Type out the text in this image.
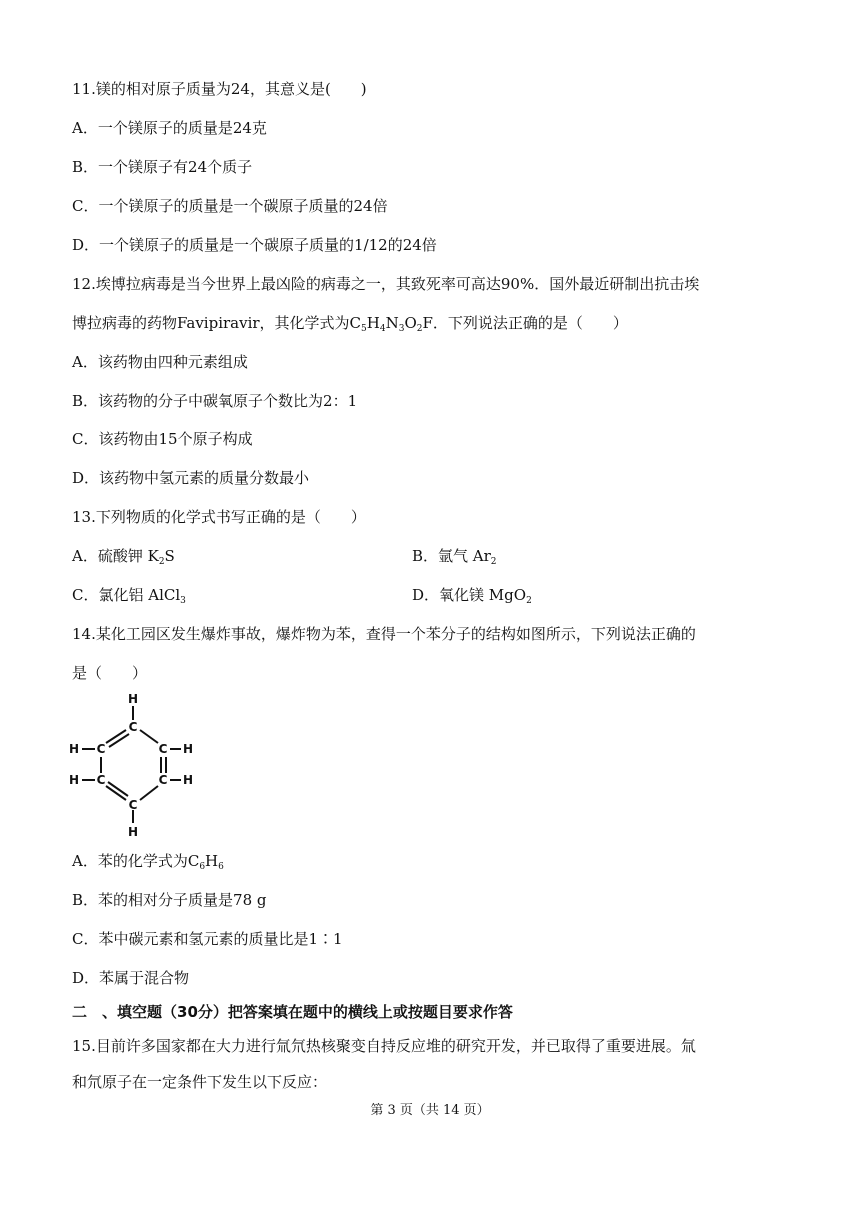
11.镁的相对原子质量为24，其意义是(　　)
A．一个镁原子的质量是24克
B．一个镁原子有24个质子
C．一个镁原子的质量是一个碳原子质量的24倍
D．一个镁原子的质量是一个碳原子质量的1/12的24倍
12.埃博拉病毒是当今世界上最凶险的病毒之一，其致死率可高达90%．国外最近研制出抗击埃
博拉病毒的药物Favipiravir，其化学式为$C_5H_4N_3O_2F$．下列说法正确的是（　　）
A．该药物由四种元素组成
B．该药物的分子中碳氧原子个数比为2：1
C．该药物由15个原子构成
D．该药物中氢元素的质量分数最小
13.下列物质的化学式书写正确的是（　　）
A．硫酸钾 $K_2S$	B．氩气 $Ar_2$
C．氯化铝 AlCl$_3$	D．氧化镁 MgO$_2$
14.某化工园区发生爆炸事故，爆炸物为苯，查得一个苯分子的结构如图所示，下列说法正确的
是（　　）
H
C
H C	C H
H C	C H
C
H
A．苯的化学式为$C_6H_6$
B．苯的相对分子质量是78 g
C．苯中碳元素和氢元素的质量比是1∶1
D．苯属于混合物
二　、填空题（30分）把答案填在题中的横线上或按题目要求作答
15.目前许多国家都在大力进行氚氘热核聚变自持反应堆的研究开发，并已取得了重要进展。氚
和氘原子在一定条件下发生以下反应：
第 3 页（共 14 页）
